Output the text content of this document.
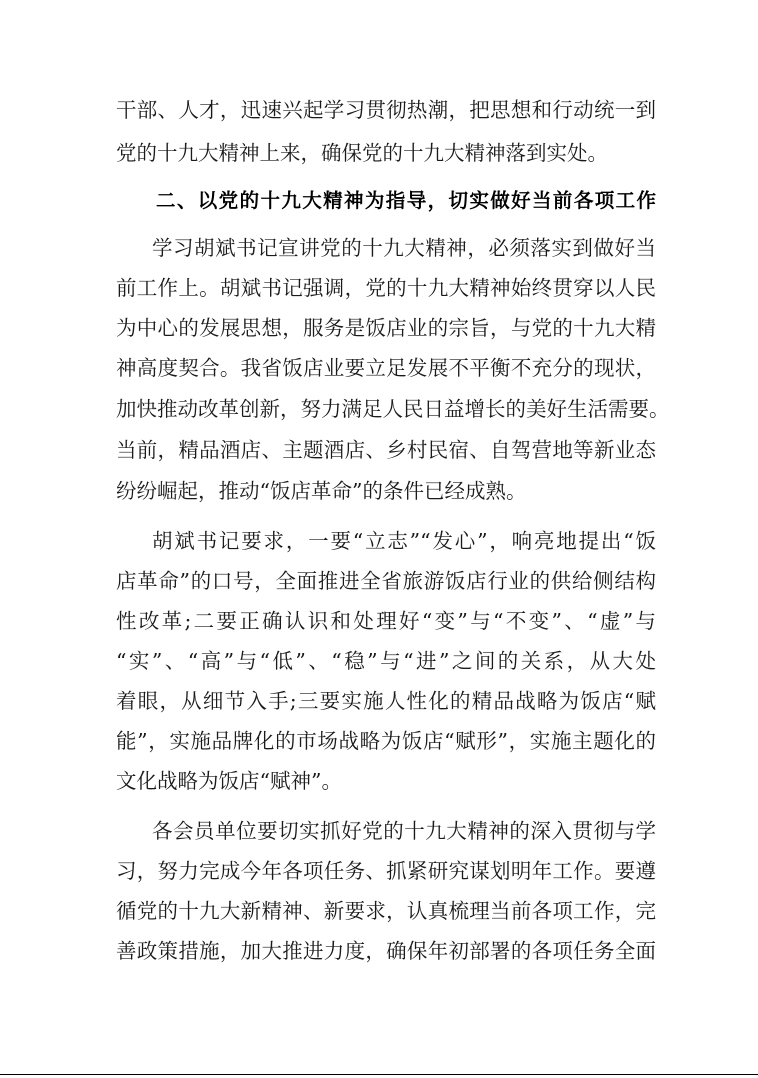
干部、人才，迅速兴起学习贯彻热潮，把思想和行动统一到
党的十九大精神上来，确保党的十九大精神落到实处。
二、以党的十九大精神为指导，切实做好当前各项工作
学习胡斌书记宣讲党的十九大精神，必须落实到做好当
前工作上。胡斌书记强调，党的十九大精神始终贯穿以人民
为中心的发展思想，服务是饭店业的宗旨，与党的十九大精
神高度契合。我省饭店业要立足发展不平衡不充分的现状，
加快推动改革创新，努力满足人民日益增长的美好生活需要。
当前，精品酒店、主题酒店、乡村民宿、自驾营地等新业态
纷纷崛起，推动“饭店革命”的条件已经成熟。
胡斌书记要求，一要“立志”“发心”，响亮地提出“饭
店革命”的口号，全面推进全省旅游饭店行业的供给侧结构
性改革;二要正确认识和处理好“变”与“不变”、“虚”与
“实”、“高”与“低”、“稳”与“进”之间的关系，从大处
着眼，从细节入手;三要实施人性化的精品战略为饭店“赋
能”，实施品牌化的市场战略为饭店“赋形”，实施主题化的
文化战略为饭店“赋神”。
各会员单位要切实抓好党的十九大精神的深入贯彻与学
习，努力完成今年各项任务、抓紧研究谋划明年工作。要遵
循党的十九大新精神、新要求，认真梳理当前各项工作，完
善政策措施，加大推进力度，确保年初部署的各项任务全面
